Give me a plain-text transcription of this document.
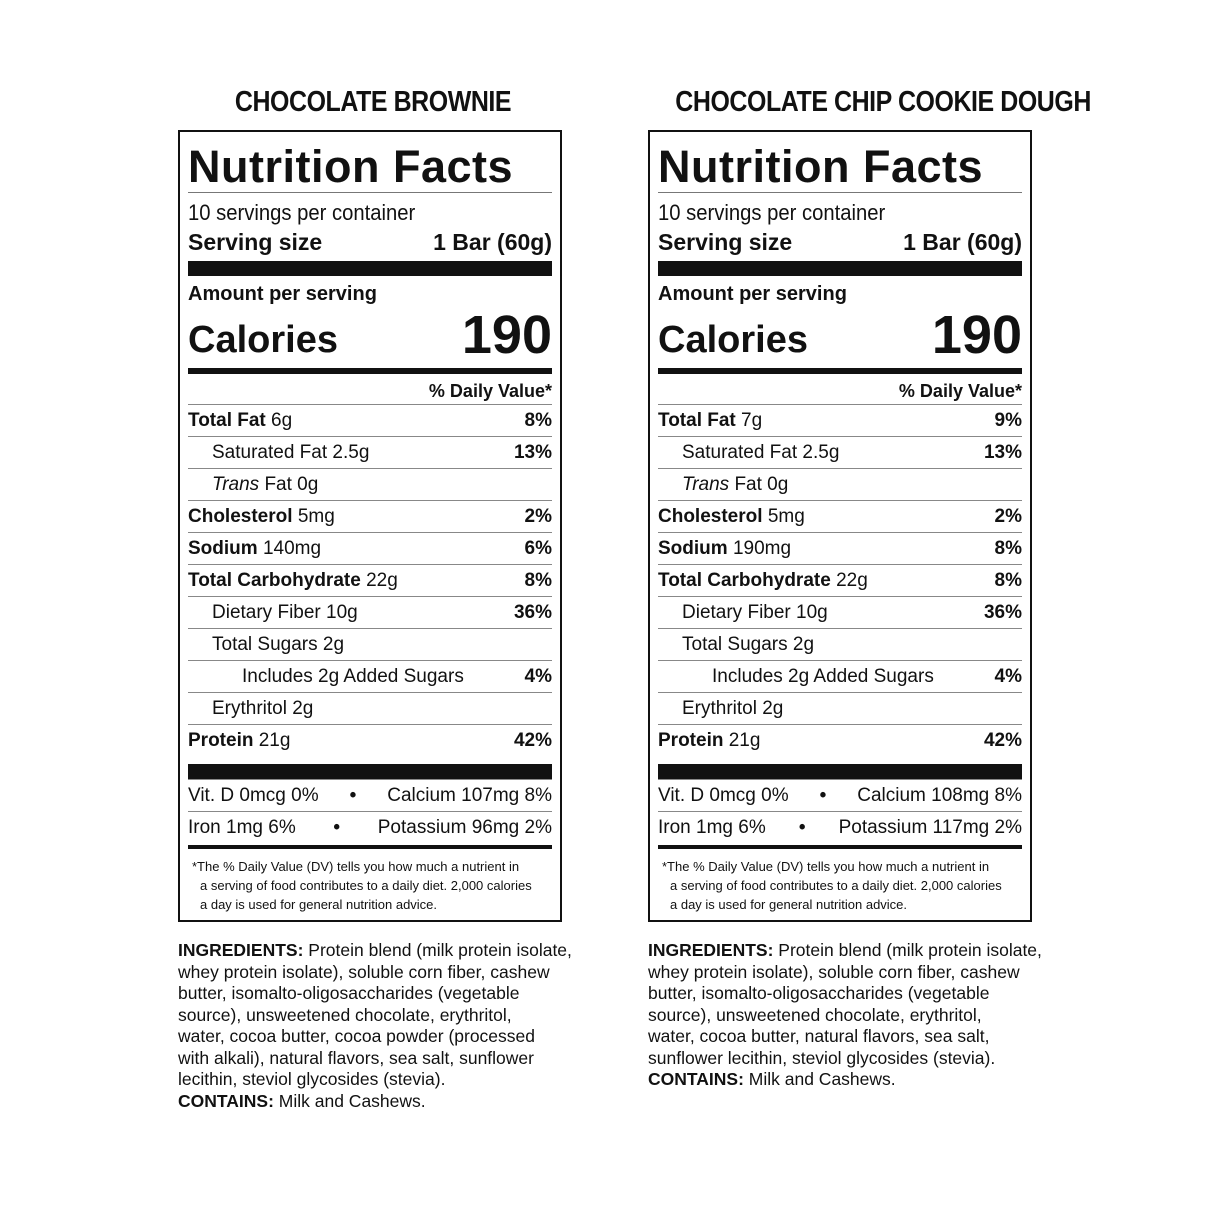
CHOCOLATE BROWNIE
Nutrition Facts
10 servings per container
Serving size	1 Bar (60g)
Amount per serving
Calories 190
% Daily Value*
Total Fat 6g	8%
Saturated Fat 2.5g	13%
Trans Fat 0g
Cholesterol 5mg	2%
Sodium 140mg	6%
Total Carbohydrate 22g	8%
Dietary Fiber 10g	36%
Total Sugars 2g
Includes 2g Added Sugars	4%
Erythritol 2g
Protein 21g	42%
Vit. D 0mcg 0% • Calcium 107mg 8%
Iron 1mg 6% • Potassium 96mg 2%
*The % Daily Value (DV) tells you how much a nutrient in
a serving of food contributes to a daily diet. 2,000 calories
a day is used for general nutrition advice.
INGREDIENTS: Protein blend (milk protein isolate,
whey protein isolate), soluble corn fiber, cashew
butter, isomalto-oligosaccharides (vegetable
source), unsweetened chocolate, erythritol,
water, cocoa butter, cocoa powder (processed
with alkali), natural flavors, sea salt, sunflower
lecithin, steviol glycosides (stevia).
CONTAINS: Milk and Cashews.
CHOCOLATE CHIP COOKIE DOUGH
Nutrition Facts
10 servings per container
Serving size	1 Bar (60g)
Amount per serving
Calories 190
% Daily Value*
Total Fat 7g	9%
Saturated Fat 2.5g	13%
Trans Fat 0g
Cholesterol 5mg	2%
Sodium 190mg	8%
Total Carbohydrate 22g	8%
Dietary Fiber 10g	36%
Total Sugars 2g
Includes 2g Added Sugars	4%
Erythritol 2g
Protein 21g	42%
Vit. D 0mcg 0% • Calcium 108mg 8%
Iron 1mg 6% • Potassium 117mg 2%
*The % Daily Value (DV) tells you how much a nutrient in
a serving of food contributes to a daily diet. 2,000 calories
a day is used for general nutrition advice.
INGREDIENTS: Protein blend (milk protein isolate,
whey protein isolate), soluble corn fiber, cashew
butter, isomalto-oligosaccharides (vegetable
source), unsweetened chocolate, erythritol,
water, cocoa butter, natural flavors, sea salt,
sunflower lecithin, steviol glycosides (stevia).
CONTAINS: Milk and Cashews.
